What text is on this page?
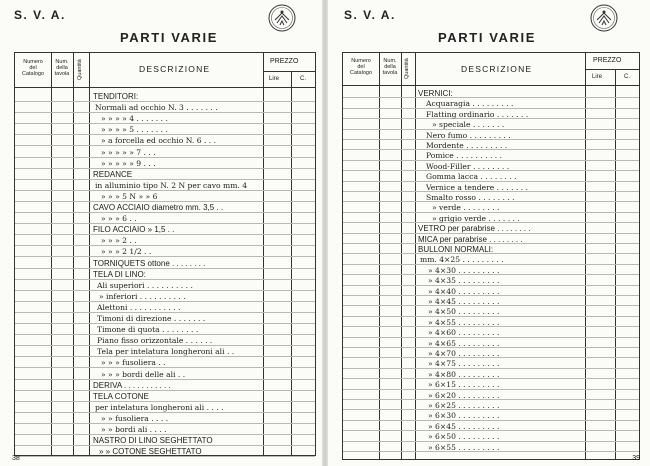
S. V. A.
PARTI VARIE
Numero
del
Catalogo
Num.
della
tavola	Quantità	DESCRIZIONE
PREZZO
Lire	C.
TENDITORI:
Normali ad occhio N. 3 . . . . . . .
» » » » 4 . . . . . . .
» » » » 5 . . . . . . .
» a forcella ed occhio N. 6 . . .
» » » » » 7 . . .
» » » » » 9 . . .
REDANCE
in alluminio tipo N. 2 N per cavo mm. 4
» » » 5 N » » 6
CAVO ACCIAIO diametro mm. 3,5 . .
» » » 6 . .
FILO ACCIAIO » 1,5 . .
» » » 2 . .
» » » 2 1/2 . .
TORNIQUETS ottone . . . . . . . .
TELA DI LINO:
Ali superiori . . . . . . . . . .
» inferiori . . . . . . . . . .
Alettoni . . . . . . . . . . .
Timoni di direzione . . . . . . .
Timone di quota . . . . . . . .
Piano fisso orizzontale . . . . . .
Tela per intelatura longheroni ali . .
» » » fusoliera . .
» » » bordi delle ali . .
DERIVA . . . . . . . . . . .
TELA COTONE
per intelatura longheroni ali . . . .
» » fusoliera . . . .
» » bordi ali . . . .
NASTRO DI LINO SEGHETTATO
» » COTONE SEGHETTATO
38
S. V. A.
PARTI VARIE
Numero
del
Catalogo
Num.
della
tavola	Quantità	DESCRIZIONE
PREZZO
Lire	C.
VERNICI:
Acquaragia . . . . . . . . .
Flatting ordinario . . . . . . .
» speciale . . . . . . .
Nero fumo . . . . . . . . .
Mordente . . . . . . . . .
Pomice . . . . . . . . . .
Wood-Filler . . . . . . . .
Gomma lacca . . . . . . . .
Vernice a tendere . . . . . . .
Smalto rosso . . . . . . . .
» verde . . . . . . . .
» grigio verde . . . . . . .
VETRO per parabrise . . . . . . . .
MICA per parabrise . . . . . . . .
BULLONI NORMALI:
mm. 4×25 . . . . . . . . .
» 4×30 . . . . . . . . .
» 4×35 . . . . . . . . .
» 4×40 . . . . . . . . .
» 4×45 . . . . . . . . .
» 4×50 . . . . . . . . .
» 4×55 . . . . . . . . .
» 4×60 . . . . . . . . .
» 4×65 . . . . . . . . .
» 4×70 . . . . . . . . .
» 4×75 . . . . . . . . .
» 4×80 . . . . . . . . .
» 6×15 . . . . . . . . .
» 6×20 . . . . . . . . .
» 6×25 . . . . . . . . .
» 6×30 . . . . . . . . .
» 6×45 . . . . . . . . .
» 6×50 . . . . . . . . .
» 6×55 . . . . . . . . .
39
